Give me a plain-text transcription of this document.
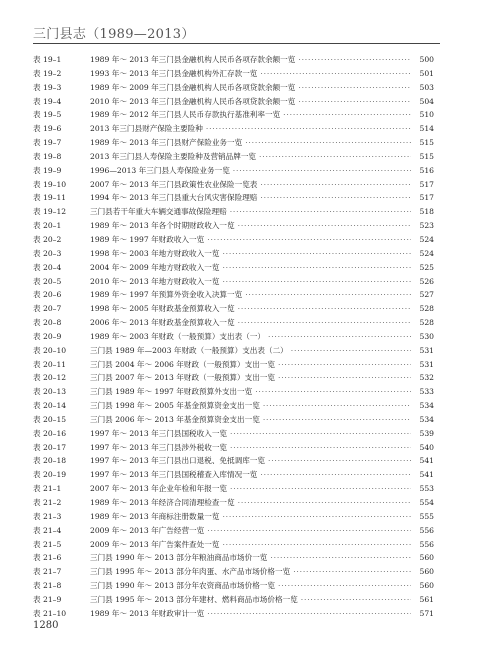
三门县志（1989—2013）
表 19–1	1989 年～ 2013 年三门县金融机构人民币各项存款余额一览 ·····	500
表 19–2	1993 年～ 2013 年三门县金融机构外汇存款一览 ·····	501
表 19–3	1989 年～ 2009 年三门县金融机构人民币各项贷款余额一览 ·····	503
表 19–4	2010 年～ 2013 年三门县金融机构人民币各项贷款余额一览 ·····	504
表 19–5	1989 年～ 2012 年三门县人民币存款执行基准利率一览 ·····	510
表 19–6	2013 年三门县财产保险主要险种 ·····	514
表 19–7	1989 年～ 2013 年三门县财产保险业务一览 ·····	515
表 19–8	2013 年三门县人寿保险主要险种及营销品牌一览 ·····	515
表 19–9	1996—2013 年三门县人寿保险业务一览 ·····	516
表 19–10	2007 年～ 2013 年三门县政策性农业保险一览表 ·····	517
表 19–11	1994 年～ 2013 年三门县重大台风灾害保险理赔 ·····	517
表 19–12	三门县若干年重大车辆交通事故保险理赔 ·····	518
表 20–1	1989 年～ 2013 年各个时期财政收入一览 ·····	523
表 20–2	1989 年～ 1997 年财政收入一览 ·····	524
表 20–3	1998 年～ 2003 年地方财政收入一览 ·····	524
表 20–4	2004 年～ 2009 年地方财政收入一览 ·····	525
表 20–5	2010 年～ 2013 年地方财政收入一览 ·····	526
表 20–6	1989 年～ 1997 年预算外资金收入决算一览 ·····	527
表 20–7	1998 年～ 2005 年财政基金预算收入一览 ·····	528
表 20–8	2006 年～ 2013 年财政基金预算收入一览 ·····	528
表 20–9	1989 年～ 2003 年财政（一般预算）支出表（一） ·····	530
表 20–10	三门县 1989 年—2003 年财政（一般预算）支出表（二） ·····	531
表 20–11	三门县 2004 年～ 2006 年财政（一般预算）支出一览 ·····	531
表 20–12	三门县 2007 年～ 2013 年财政（一般预算）支出一览 ·····	532
表 20–13	三门县 1989 年～ 1997 年财政预算外支出一览 ·····	533
表 20–14	三门县 1998 年～ 2005 年基金预算资金支出一览 ·····	534
表 20–15	三门县 2006 年～ 2013 年基金预算资金支出一览 ·····	534
表 20–16	1997 年～ 2013 年三门县国税收入一览 ·····	539
表 20–17	1997 年～ 2013 年三门县涉外税收一览 ·····	540
表 20–18	1997 年～ 2013 年三门县出口退税、免抵调库一览 ·····	541
表 20–19	1997 年～ 2013 年三门县国税稽查入库情况一览 ·····	541
表 21–1	2007 年～ 2013 年企业年检和年报一览 ·····	553
表 21–2	1989 年～ 2013 年经济合同清理检查一览 ·····	554
表 21–3	1989 年～ 2013 年商标注册数量一览 ·····	555
表 21–4	2009 年～ 2013 年广告经营一览 ·····	556
表 21–5	2009 年～ 2013 年广告案件查处一览 ·····	556
表 21–6	三门县 1990 年～ 2013 部分年粮油商品市场价一览 ·····	560
表 21–7	三门县 1995 年～ 2013 部分年肉蛋、水产品市场价格一览 ·····	560
表 21–8	三门县 1990 年～ 2013 部分年农资商品市场价格一览 ·····	560
表 21–9	三门县 1995 年～ 2013 部分年建材、燃料商品市场价格一览 ·····	561
表 21–10	1989 年～ 2013 年财政审计一览 ·····	571
1280
